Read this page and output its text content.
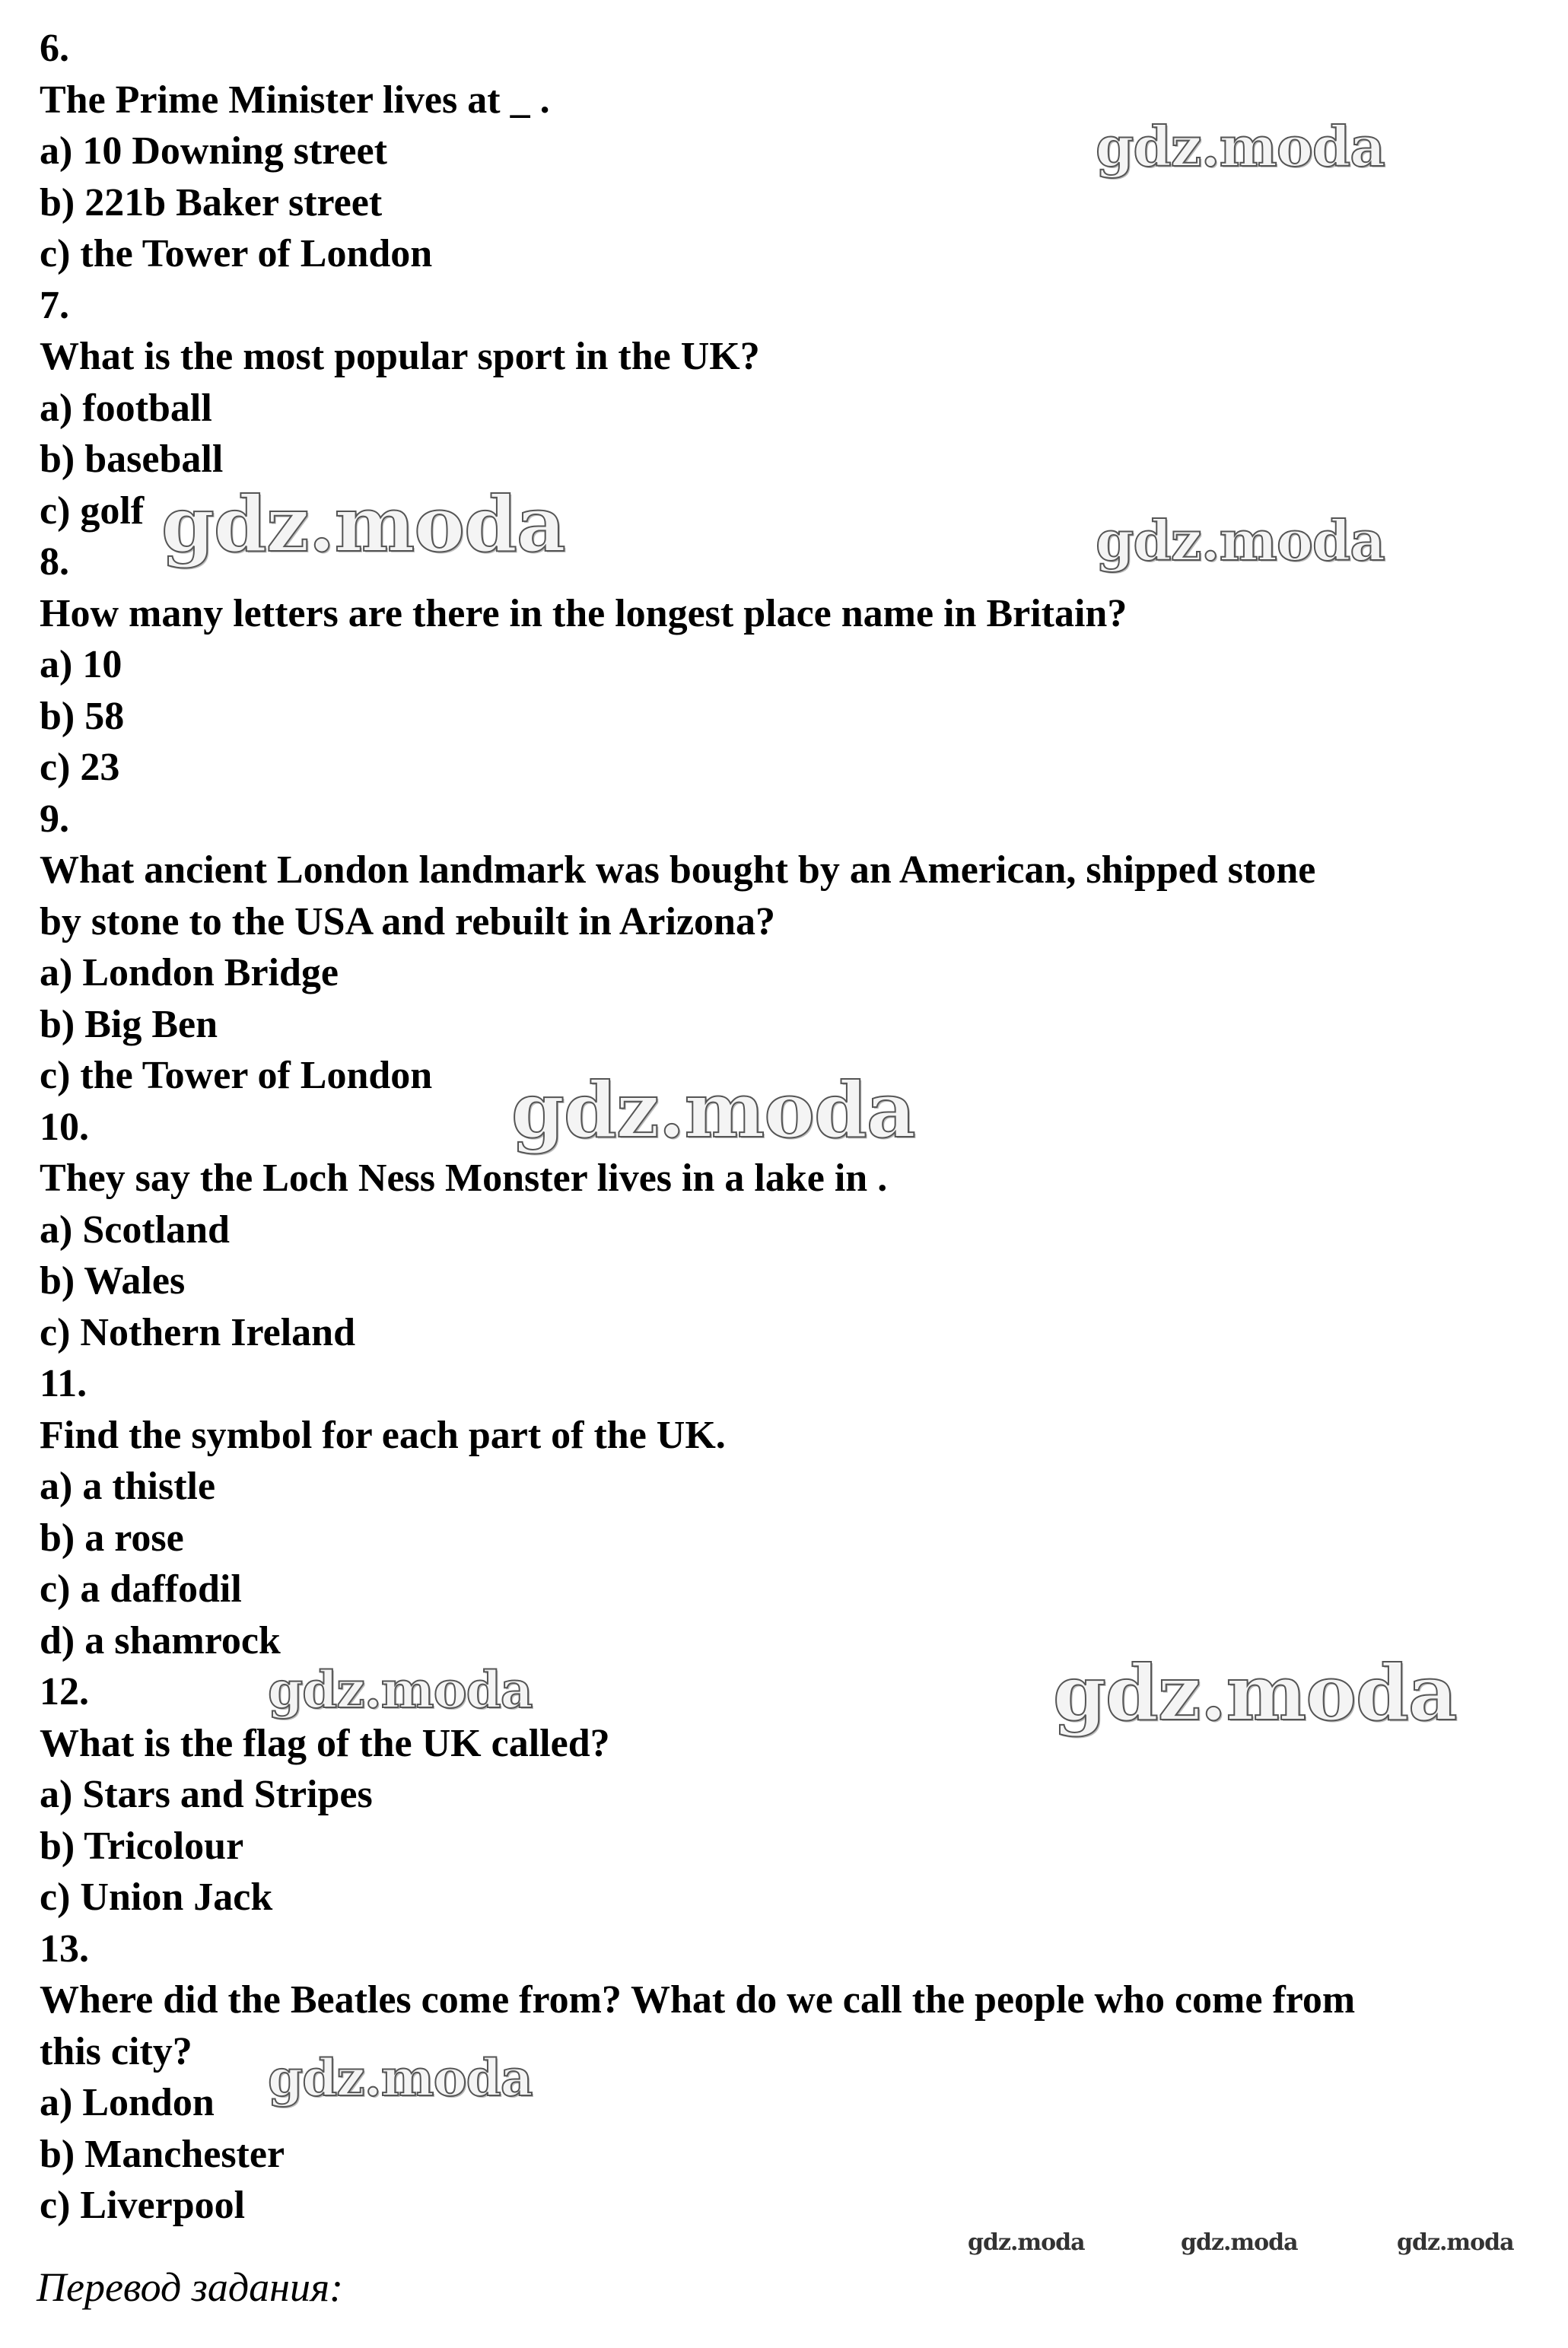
6.
The Prime Minister lives at _ .
a) 10 Downing street
b) 221b Baker street
c) the Tower of London
7.
What is the most popular sport in the UK?
a) football
b) baseball
c) golf
8.
How many letters are there in the longest place name in Britain?
a) 10
b) 58
c) 23
9.
What ancient London landmark was bought by an American, shipped stone
by stone to the USA and rebuilt in Arizona?
a) London Bridge
b) Big Ben
c) the Tower of London
10.
They say the Loch Ness Monster lives in a lake in .
a) Scotland
b) Wales
c) Nothern Ireland
11.
Find the symbol for each part of the UK.
a) a thistle
b) a rose
c) a daffodil
d) a shamrock
12.
What is the flag of the UK called?
a) Stars and Stripes
b) Tricolour
c) Union Jack
13.
Where did the Beatles come from? What do we call the people who come from
this city?
a) London
b) Manchester
c) Liverpool
Перевод задания:
gdz.moda
gdz.moda	gdz.moda
gdz.moda
gdz.moda	gdz.moda
gdz.moda
gdz.moda	gdz.moda	gdz.moda
